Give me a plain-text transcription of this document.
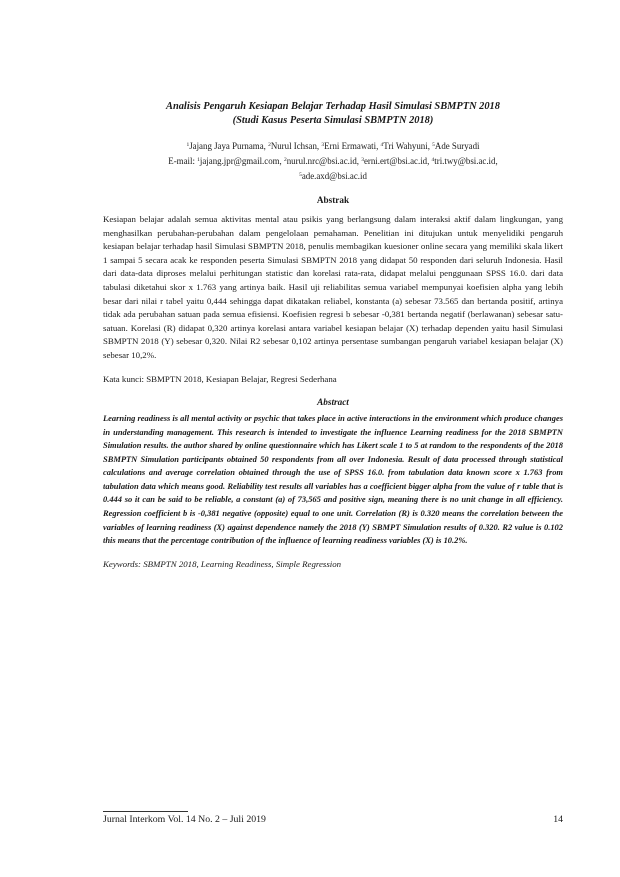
Analisis Pengaruh Kesiapan Belajar Terhadap Hasil Simulasi SBMPTN 2018
(Studi Kasus Peserta Simulasi SBMPTN 2018)

$^1$Jajang Jaya Purnama, $^2$Nurul Ichsan, $^3$Erni Ermawati, $^4$Tri Wahyuni, $^5$Ade Suryadi
E-mail: $^1$jajang.jpr@gmail.com, $^2$nurul.nrc@bsi.ac.id, $^3$erni.ert@bsi.ac.id, $^4$tri.twy@bsi.ac.id,
$^5$ade.axd@bsi.ac.id
Abstrak
Kesiapan belajar adalah semua aktivitas mental atau psikis yang berlangsung dalam interaksi aktif dalam lingkungan, yang menghasilkan perubahan-perubahan dalam pengelolaan pemahaman. Penelitian ini ditujukan untuk menyelidiki pengaruh kesiapan belajar terhadap hasil Simulasi SBMPTN 2018, penulis membagikan kuesioner online secara yang memiliki skala likert 1 sampai 5 secara acak ke responden peserta Simulasi SBMPTN 2018 yang didapat 50 responden dari seluruh Indonesia. Hasil dari data-data diproses melalui perhitungan statistic dan korelasi rata-rata, didapat melalui penggunaan SPSS 16.0. dari data tabulasi diketahui skor x 1.763 yang artinya baik. Hasil uji reliabilitas semua variabel mempunyai koefisien alpha yang lebih besar dari nilai r tabel yaitu 0,444 sehingga dapat dikatakan reliabel, konstanta (a) sebesar 73.565 dan bertanda positif, artinya tidak ada perubahan satuan pada semua efisiensi. Koefisien regresi b sebesar -0,381 bertanda negatif (berlawanan) sebesar satu-satuan. Korelasi (R) didapat 0,320 artinya korelasi antara variabel kesiapan belajar (X) terhadap dependen yaitu hasil Simulasi SBMPTN 2018 (Y) sebesar 0,320. Nilai R2 sebesar 0,102 artinya persentase sumbangan pengaruh variabel kesiapan belajar (X) sebesar 10,2%.
Kata kunci: SBMPTN 2018, Kesiapan Belajar, Regresi Sederhana
Abstract
Learning readiness is all mental activity or psychic that takes place in active interactions in the environment which produce changes in understanding management. This research is intended to investigate the influence Learning readiness for the 2018 SBMPTN Simulation results. the author shared by online questionnaire which has Likert scale 1 to 5 at random to the respondents of the 2018 SBMPTN Simulation participants obtained 50 respondents from all over Indonesia. Result of data processed through statistical calculations and average correlation obtained through the use of SPSS 16.0. from tabulation data known score x 1.763 from tabulation data which means good. Reliability test results all variables has a coefficient bigger alpha from the value of r table that is 0.444 so it can be said to be reliable, a constant (a) of 73,565 and positive sign, meaning there is no unit change in all efficiency. Regression coefficient b is -0,381 negative (opposite) equal to one unit. Correlation (R) is 0.320 means the correlation between the variables of learning readiness (X) against dependence namely the 2018 (Y) SBMPT Simulation results of 0.320. R2 value is 0.102 this means that the percentage contribution of the influence of learning readiness variables (X) is 10.2%.
Keywords: SBMPTN 2018, Learning Readiness, Simple Regression
Jurnal Interkom Vol. 14 No. 2 – Juli 2019	14
